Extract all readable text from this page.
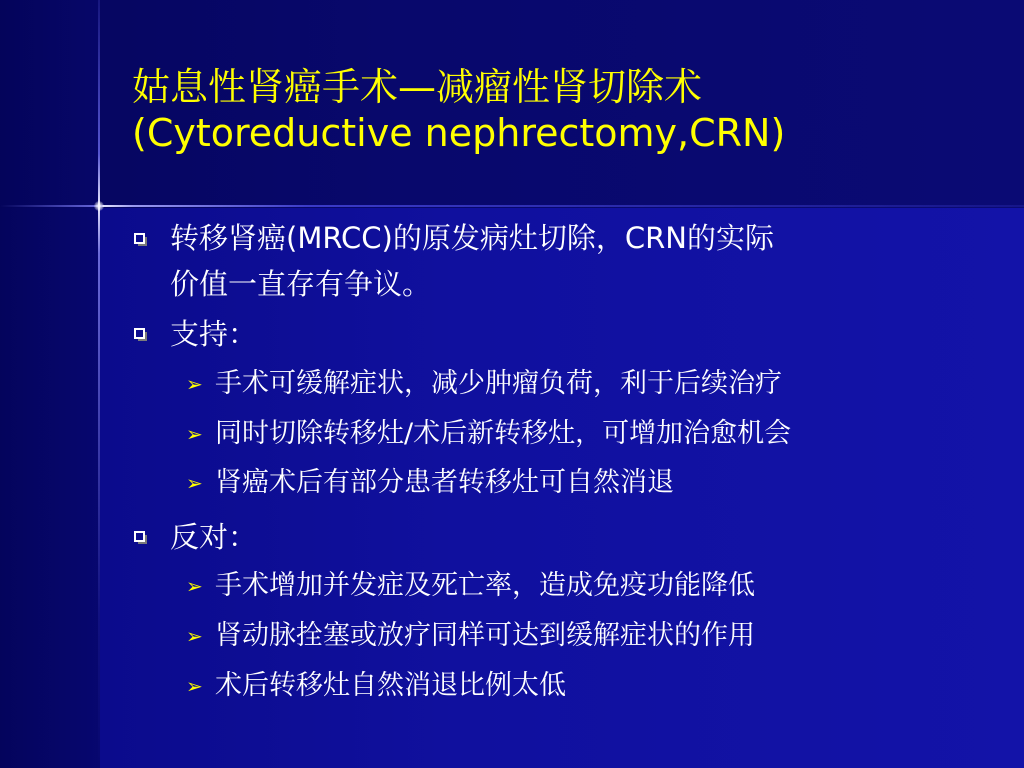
姑息性肾癌手术—减瘤性肾切除术
(Cytoreductive nephrectomy,CRN)
转移肾癌(MRCC)的原发病灶切除，CRN的实际
价值一直存有争议。
支持：
➢ 手术可缓解症状，减少肿瘤负荷，利于后续治疗
➢ 同时切除转移灶/术后新转移灶，可增加治愈机会
➢ 肾癌术后有部分患者转移灶可自然消退
反对：
➢ 手术增加并发症及死亡率，造成免疫功能降低
➢ 肾动脉拴塞或放疗同样可达到缓解症状的作用
➢ 术后转移灶自然消退比例太低
